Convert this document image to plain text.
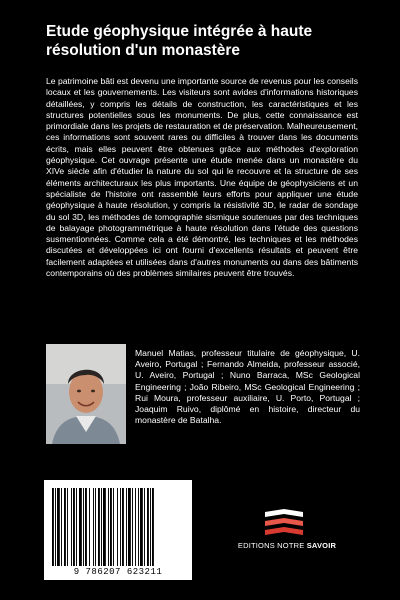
Etude géophysique intégrée à haute résolution d'un monastère

Le patrimoine bâti est devenu une importante source de revenus pour les conseils locaux et les gouvernements. Les visiteurs sont avides d'informations historiques détaillées, y compris les détails de construction, les caractéristiques et les structures potentielles sous les monuments. De plus, cette connaissance est primordiale dans les projets de restauration et de préservation. Malheureusement, ces informations sont souvent rares ou difficiles à trouver dans les documents écrits, mais elles peuvent être obtenues grâce aux méthodes d'exploration géophysique. Cet ouvrage présente une étude menée dans un monastère du XIVe siècle afin d'étudier la nature du sol qui le recouvre et la structure de ses éléments architecturaux les plus importants. Une équipe de géophysiciens et un spécialiste de l'histoire ont rassemblé leurs efforts pour appliquer une étude géophysique à haute résolution, y compris la résistivité 3D, le radar de sondage du sol 3D, les méthodes de tomographie sismique soutenues par des techniques de balayage photogrammétrique à haute résolution dans l'étude des questions susmentionnées. Comme cela a été démontré, les techniques et les méthodes discutées et développées ici ont fourni d'excellents résultats et peuvent être facilement adaptées et utilisées dans d'autres monuments ou dans des bâtiments contemporains où des problèmes similaires peuvent être trouvés.

Manuel Matias, professeur titulaire de géophysique, U. Aveiro, Portugal ; Fernando Almeida, professeur associé, U. Aveiro, Portugal ; Nuno Barraca, MSc Geological Engineering ; João Ribeiro, MSc Geological Engineering ; Rui Moura, professeur auxiliaire, U. Porto, Portugal ; Joaquim Ruivo, diplômé en histoire, directeur du monastère de Batalha.

9 786207 623211
EDITIONS NOTRE SAVOIR
